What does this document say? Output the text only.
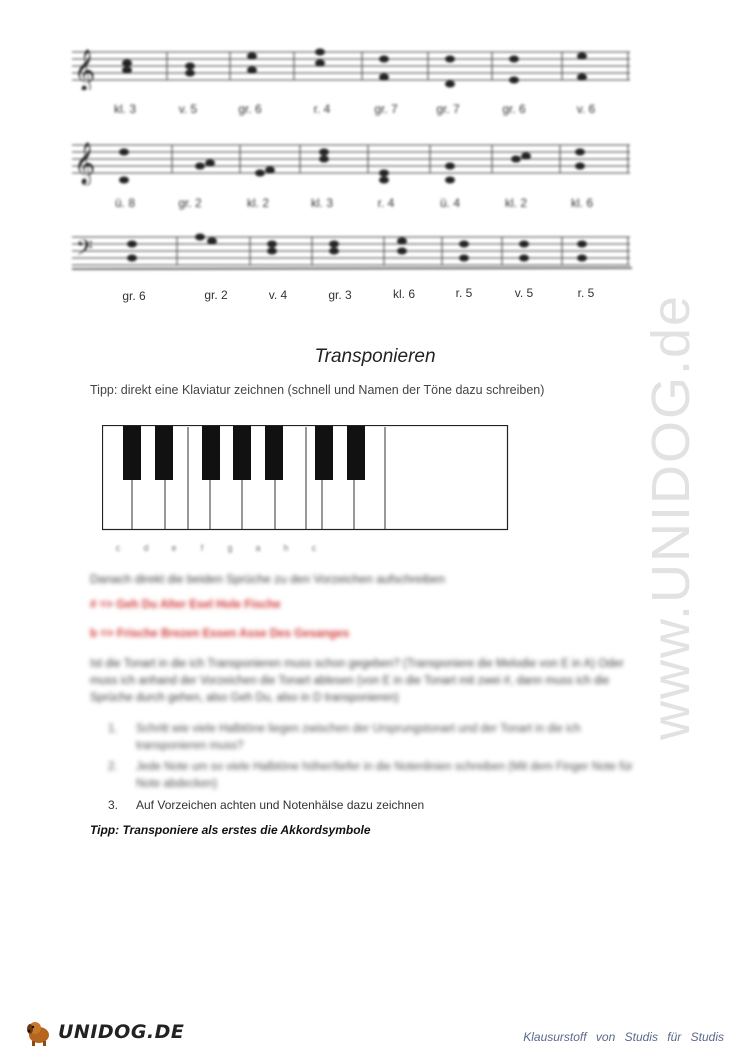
𝄞
kl. 3	v. 5	gr. 6	r. 4	gr. 7	gr. 7	gr. 6	v. 6
𝄞
ü. 8	gr. 2	kl. 2	kl. 3	r. 4	ü. 4	kl. 2	kl. 6
𝄢
gr. 6	gr. 2	v. 4	gr. 3	kl. 6	r. 5	v. 5	r. 5
Transponieren
Tipp: direkt eine Klaviatur zeichnen (schnell und Namen der Töne dazu schreiben)
c	d	e	f	g	a	h	c
Danach direkt die beiden Sprüche zu den Vorzeichen aufschreiben
# => Geh Du Alter Esel Hole Fische
b => Frische Brezen Essen Asse Des Gesanges
Ist die Tonart in die ich Transponieren muss schon gegeben? (Transponiere die Melodie von E in A) Oder muss ich anhand der Vorzeichen die Tonart ablesen (von E in die Tonart mit zwei #, dann muss ich die Sprüche durch gehen, also Geh Du, also in D transponieren)
1. Schritt wie viele Halbtöne liegen zwischen der Ursprungstonart und der Tonart in die ich transponieren muss?
2. Jede Note um so viele Halbtöne höher/tiefer in die Notenlinien schreiben (Mit dem Finger Note für Note abdecken)
3. Auf Vorzeichen achten und Notenhälse dazu zeichnen
Tipp: Transponiere als erstes die Akkordsymbole
www.UNIDOG.de
UNIDOG.DE	Klausurstoff von Studis für Studis
